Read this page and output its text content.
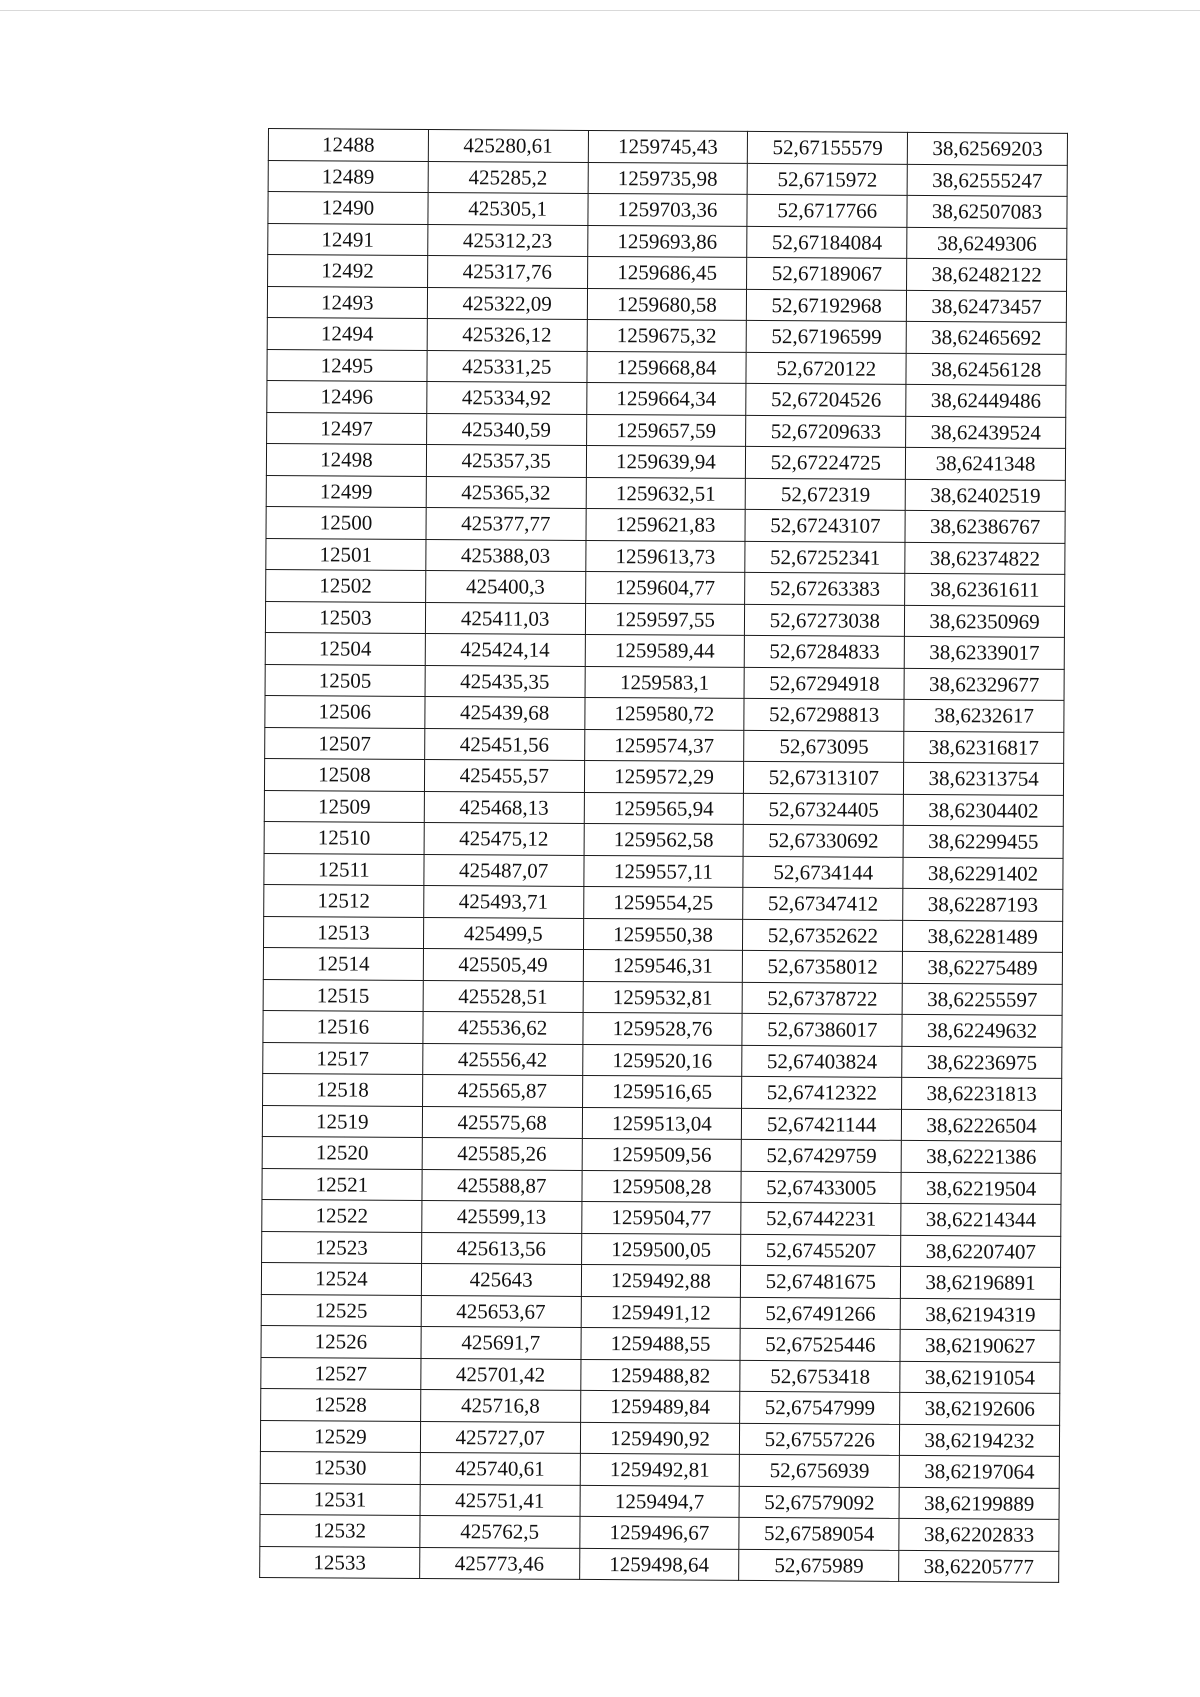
12488	425280,61	1259745,43	52,67155579	38,62569203
12489	425285,2	1259735,98	52,6715972	38,62555247
12490	425305,1	1259703,36	52,6717766	38,62507083
12491	425312,23	1259693,86	52,67184084	38,6249306
12492	425317,76	1259686,45	52,67189067	38,62482122
12493	425322,09	1259680,58	52,67192968	38,62473457
12494	425326,12	1259675,32	52,67196599	38,62465692
12495	425331,25	1259668,84	52,6720122	38,62456128
12496	425334,92	1259664,34	52,67204526	38,62449486
12497	425340,59	1259657,59	52,67209633	38,62439524
12498	425357,35	1259639,94	52,67224725	38,6241348
12499	425365,32	1259632,51	52,672319	38,62402519
12500	425377,77	1259621,83	52,67243107	38,62386767
12501	425388,03	1259613,73	52,67252341	38,62374822
12502	425400,3	1259604,77	52,67263383	38,62361611
12503	425411,03	1259597,55	52,67273038	38,62350969
12504	425424,14	1259589,44	52,67284833	38,62339017
12505	425435,35	1259583,1	52,67294918	38,62329677
12506	425439,68	1259580,72	52,67298813	38,6232617
12507	425451,56	1259574,37	52,673095	38,62316817
12508	425455,57	1259572,29	52,67313107	38,62313754
12509	425468,13	1259565,94	52,67324405	38,62304402
12510	425475,12	1259562,58	52,67330692	38,62299455
12511	425487,07	1259557,11	52,6734144	38,62291402
12512	425493,71	1259554,25	52,67347412	38,62287193
12513	425499,5	1259550,38	52,67352622	38,62281489
12514	425505,49	1259546,31	52,67358012	38,62275489
12515	425528,51	1259532,81	52,67378722	38,62255597
12516	425536,62	1259528,76	52,67386017	38,62249632
12517	425556,42	1259520,16	52,67403824	38,62236975
12518	425565,87	1259516,65	52,67412322	38,62231813
12519	425575,68	1259513,04	52,67421144	38,62226504
12520	425585,26	1259509,56	52,67429759	38,62221386
12521	425588,87	1259508,28	52,67433005	38,62219504
12522	425599,13	1259504,77	52,67442231	38,62214344
12523	425613,56	1259500,05	52,67455207	38,62207407
12524	425643	1259492,88	52,67481675	38,62196891
12525	425653,67	1259491,12	52,67491266	38,62194319
12526	425691,7	1259488,55	52,67525446	38,62190627
12527	425701,42	1259488,82	52,6753418	38,62191054
12528	425716,8	1259489,84	52,67547999	38,62192606
12529	425727,07	1259490,92	52,67557226	38,62194232
12530	425740,61	1259492,81	52,6756939	38,62197064
12531	425751,41	1259494,7	52,67579092	38,62199889
12532	425762,5	1259496,67	52,67589054	38,62202833
12533	425773,46	1259498,64	52,675989	38,62205777
